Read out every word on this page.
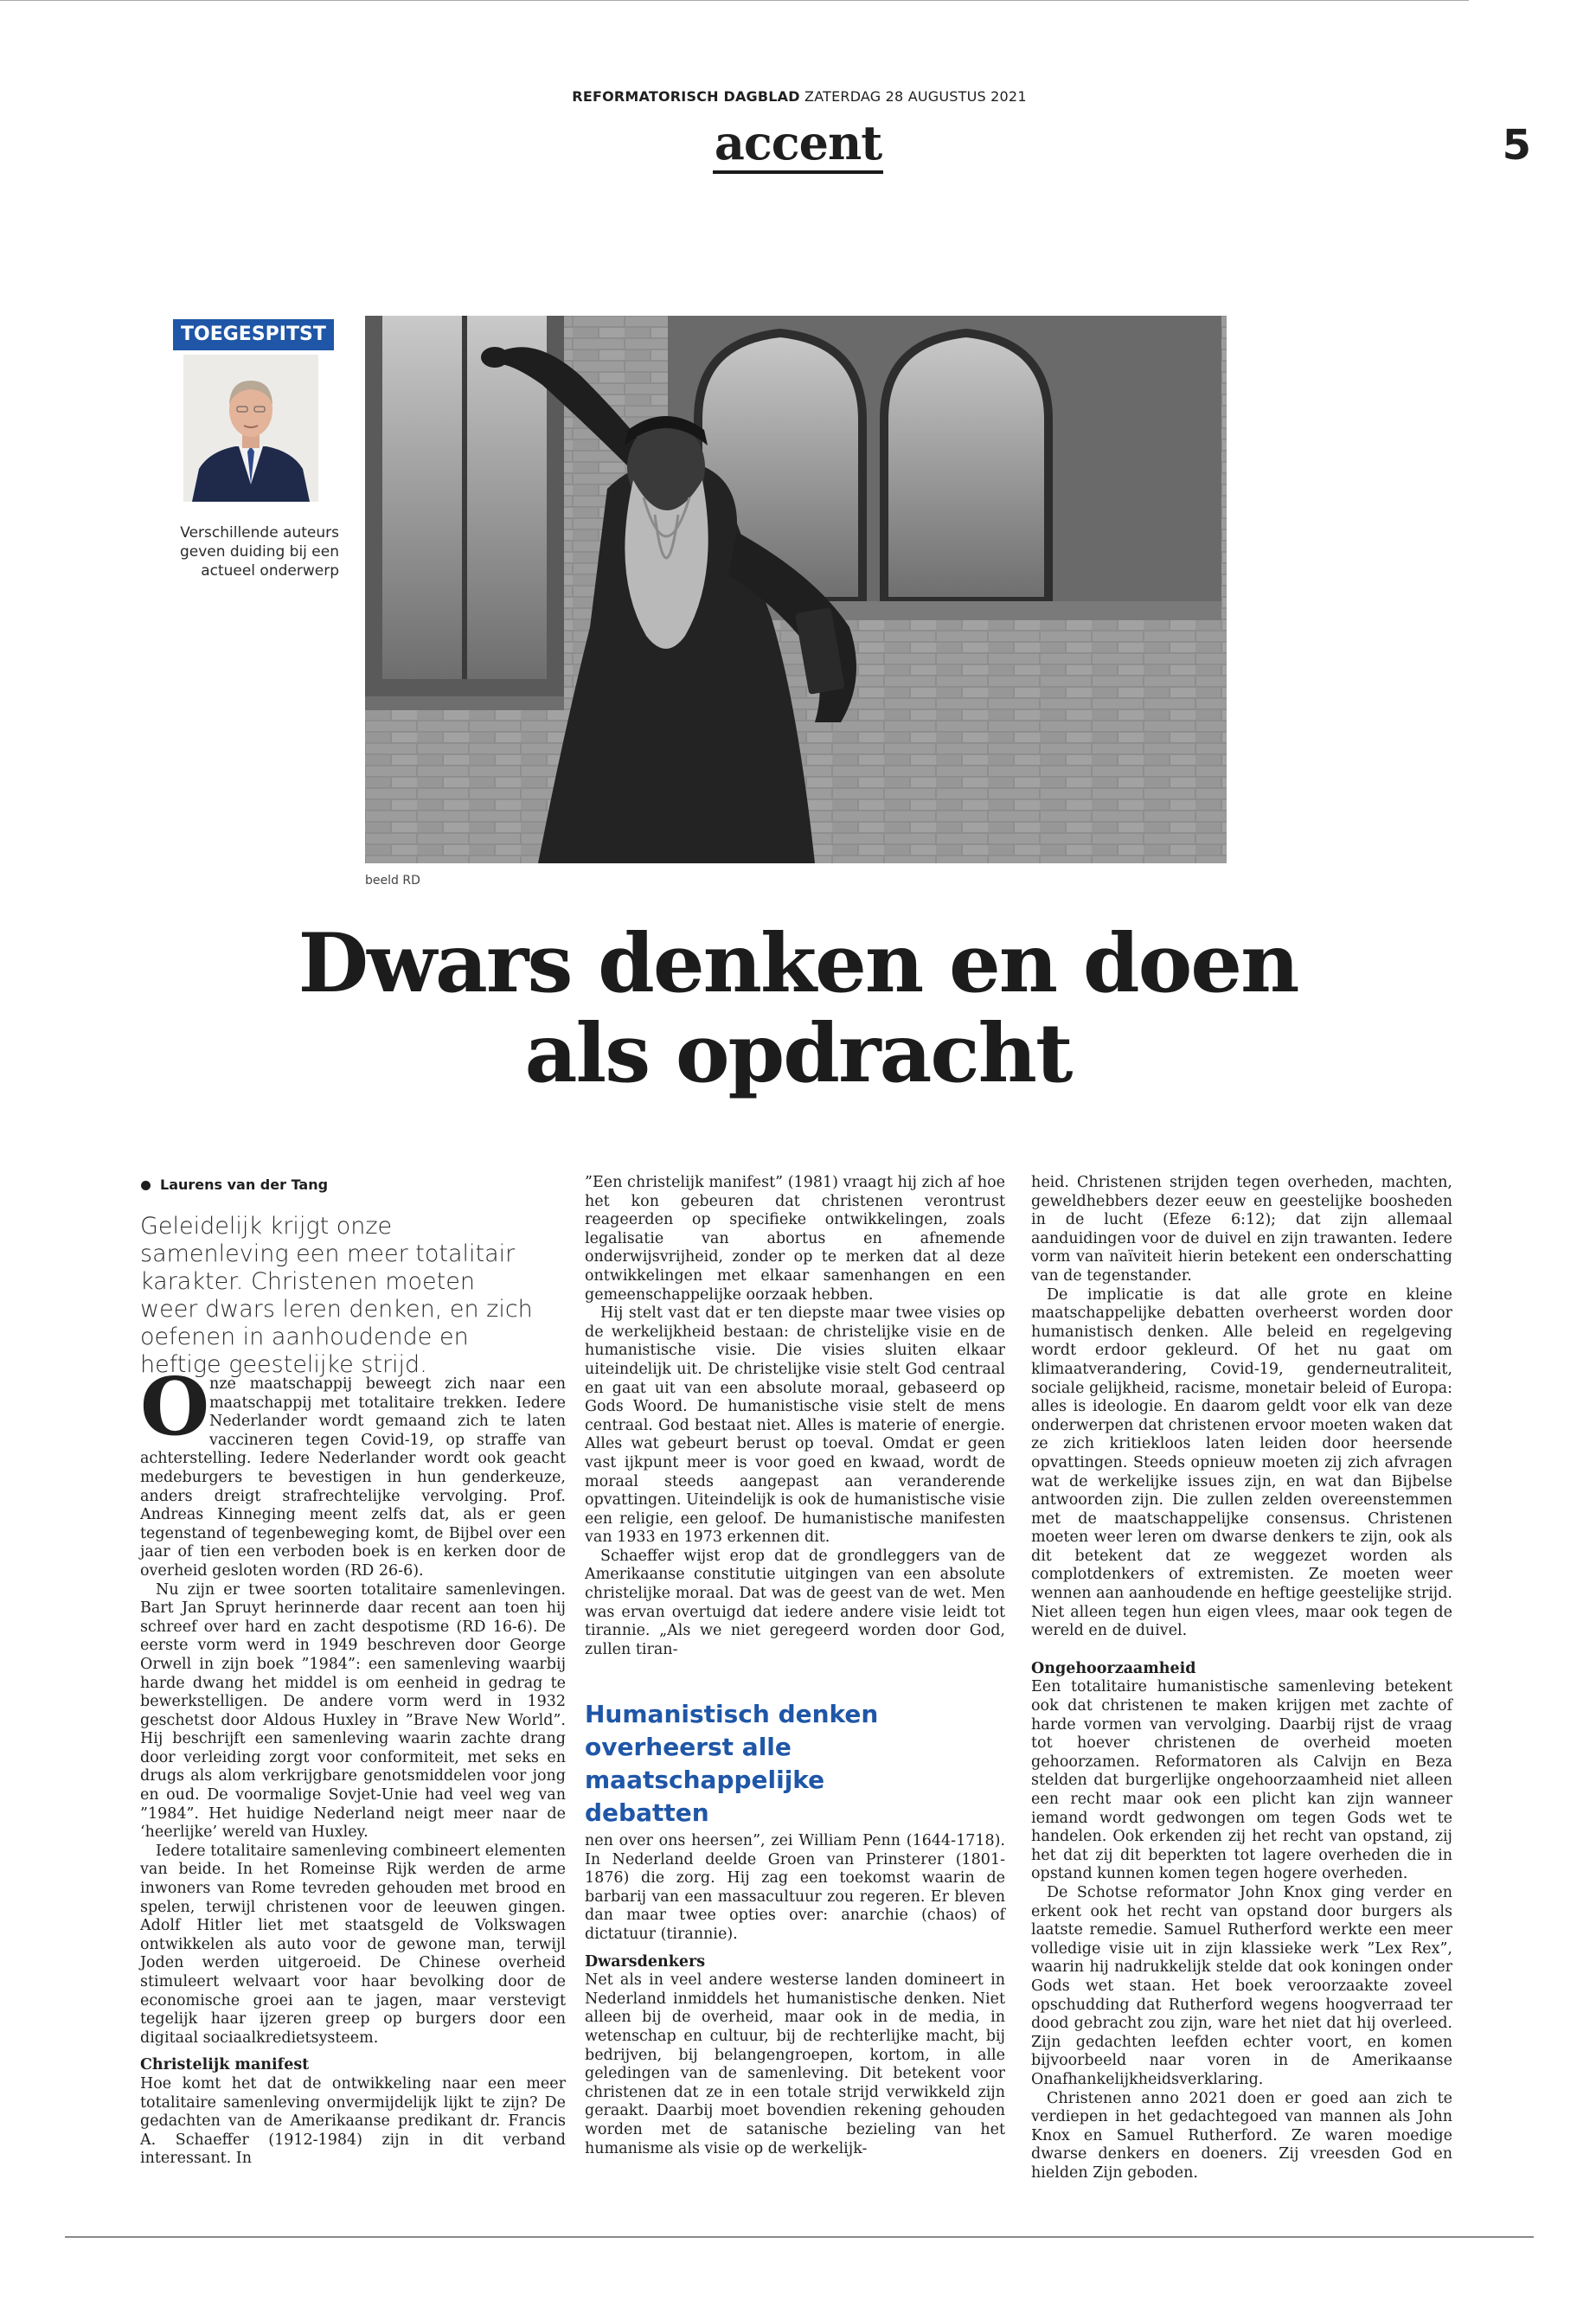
REFORMATORISCH DAGBLAD ZATERDAG 28 AUGUSTUS 2021
accent	5
TOEGESPITST
Verschillende auteurs geven duiding bij een actueel onderwerp
beeld RD
Dwars denken en doen
als opdracht
Laurens van der Tang
Geleidelijk krijgt onze samenleving een meer totalitair karakter. Christenen moeten weer dwars leren denken, en zich oefenen in aanhoudende en heftige geestelijke strijd.
O nze maatschappij beweegt zich naar een maatschappij met totalitaire trekken. Iedere Nederlander wordt gemaand zich te laten vaccineren tegen Covid-19, op straffe van achterstelling. Iedere Nederlander wordt ook geacht medeburgers te bevestigen in hun genderkeuze, anders dreigt strafrechtelijke vervolging. Prof. Andreas Kinneging meent zelfs dat, als er geen tegenstand of tegenbeweging komt, de Bijbel over een jaar of tien een verboden boek is en kerken door de overheid gesloten worden (RD 26-6).

Nu zijn er twee soorten totalitaire samenlevingen. Bart Jan Spruyt herinnerde daar recent aan toen hij schreef over hard en zacht despotisme (RD 16-6). De eerste vorm werd in 1949 beschreven door George Orwell in zijn boek ”1984”: een samenleving waarbij harde dwang het middel is om eenheid in gedrag te bewerkstelligen. De andere vorm werd in 1932 geschetst door Aldous Huxley in ”Brave New World”. Hij beschrijft een samenleving waarin zachte drang door verleiding zorgt voor conformiteit, met seks en drugs als alom verkrijgbare genotsmiddelen voor jong en oud. De voormalige Sovjet-Unie had veel weg van ”1984”. Het huidige Nederland neigt meer naar de ‘heerlijke’ wereld van Huxley.

Iedere totalitaire samenleving combineert elementen van beide. In het Romeinse Rijk werden de arme inwoners van Rome tevreden gehouden met brood en spelen, terwijl christenen voor de leeuwen gingen. Adolf Hitler liet met staatsgeld de Volkswagen ontwikkelen als auto voor de gewone man, terwijl Joden werden uitgeroeid. De Chinese overheid stimuleert welvaart voor haar bevolking door de economische groei aan te jagen, maar verstevigt tegelijk haar ijzeren greep op burgers door een digitaal sociaalkredietsysteem.

Christelijk manifest

Hoe komt het dat de ontwikkeling naar een meer totalitaire samenleving onvermijdelijk lijkt te zijn? De gedachten van de Amerikaanse predikant dr. Francis A. Schaeffer (1912-1984) zijn in dit verband interessant. In

”Een christelijk manifest” (1981) vraagt hij zich af hoe het kon gebeuren dat christenen verontrust reageerden op specifieke ontwikkelingen, zoals legalisatie van abortus en afnemende onderwijsvrijheid, zonder op te merken dat al deze ontwikkelingen met elkaar samenhangen en een gemeenschappelijke oorzaak hebben.

Hij stelt vast dat er ten diepste maar twee visies op de werkelijkheid bestaan: de christelijke visie en de humanistische visie. Die visies sluiten elkaar uiteindelijk uit. De christelijke visie stelt God centraal en gaat uit van een absolute moraal, gebaseerd op Gods Woord. De humanistische visie stelt de mens centraal. God bestaat niet. Alles is materie of energie. Alles wat gebeurt berust op toeval. Omdat er geen vast ijkpunt meer is voor goed en kwaad, wordt de moraal steeds aangepast aan veranderende opvattingen. Uiteindelijk is ook de humanistische visie een religie, een geloof. De humanistische manifesten van 1933 en 1973 erkennen dit.

Schaeffer wijst erop dat de grondleggers van de Amerikaanse constitutie uitgingen van een absolute christelijke moraal. Dat was de geest van de wet. Men was ervan overtuigd dat iedere andere visie leidt tot tirannie. „Als we niet geregeerd worden door God, zullen tiran-

Humanistisch denken overheerst alle maatschappelijke debatten

nen over ons heersen”, zei William Penn (1644-1718). In Nederland deelde Groen van Prinsterer (1801-1876) die zorg. Hij zag een toekomst waarin de barbarij van een massacultuur zou regeren. Er bleven dan maar twee opties over: anarchie (chaos) of dictatuur (tirannie).

Dwarsdenkers

Net als in veel andere westerse landen domineert in Nederland inmiddels het humanistische denken. Niet alleen bij de overheid, maar ook in de media, in wetenschap en cultuur, bij de rechterlijke macht, bij bedrijven, bij belangengroepen, kortom, in alle geledingen van de samenleving. Dit betekent voor christenen dat ze in een totale strijd verwikkeld zijn geraakt. Daarbij moet bovendien rekening gehouden worden met de satanische bezieling van het humanisme als visie op de werkelijk-

heid. Christenen strijden tegen overheden, machten, geweldhebbers dezer eeuw en geestelijke boosheden in de lucht (Efeze 6:12); dat zijn allemaal aanduidingen voor de duivel en zijn trawanten. Iedere vorm van naïviteit hierin betekent een onderschatting van de tegenstander.

De implicatie is dat alle grote en kleine maatschappelijke debatten overheerst worden door humanistisch denken. Alle beleid en regelgeving wordt erdoor gekleurd. Of het nu gaat om klimaatverandering, Covid-19, genderneutraliteit, sociale gelijkheid, racisme, monetair beleid of Europa: alles is ideologie. En daarom geldt voor elk van deze onderwerpen dat christenen ervoor moeten waken dat ze zich kritiekloos laten leiden door heersende opvattingen. Steeds opnieuw moeten zij zich afvragen wat de werkelijke issues zijn, en wat dan Bijbelse antwoorden zijn. Die zullen zelden overeenstemmen met de maatschappelijke consensus. Christenen moeten weer leren om dwarse denkers te zijn, ook als dit betekent dat ze weggezet worden als complotdenkers of extremisten. Ze moeten weer wennen aan aanhoudende en heftige geestelijke strijd. Niet alleen tegen hun eigen vlees, maar ook tegen de wereld en de duivel.

Ongehoorzaamheid

Een totalitaire humanistische samenleving betekent ook dat christenen te maken krijgen met zachte of harde vormen van vervolging. Daarbij rijst de vraag tot hoever christenen de overheid moeten gehoorzamen. Reformatoren als Calvijn en Beza stelden dat burgerlijke ongehoorzaamheid niet alleen een recht maar ook een plicht kan zijn wanneer iemand wordt gedwongen om tegen Gods wet te handelen. Ook erkenden zij het recht van opstand, zij het dat zij dit beperkten tot lagere overheden die in opstand kunnen komen tegen hogere overheden.

De Schotse reformator John Knox ging verder en erkent ook het recht van opstand door burgers als laatste remedie. Samuel Rutherford werkte een meer volledige visie uit in zijn klassieke werk ”Lex Rex”, waarin hij nadrukkelijk stelde dat ook koningen onder Gods wet staan. Het boek veroorzaakte zoveel opschudding dat Rutherford wegens hoogverraad ter dood gebracht zou zijn, ware het niet dat hij overleed. Zijn gedachten leefden echter voort, en komen bijvoorbeeld naar voren in de Amerikaanse Onafhankelijkheidsverklaring.

Christenen anno 2021 doen er goed aan zich te verdiepen in het gedachtegoed van mannen als John Knox en Samuel Rutherford. Ze waren moedige dwarse denkers en doeners. Zij vreesden God en hielden Zijn geboden.
